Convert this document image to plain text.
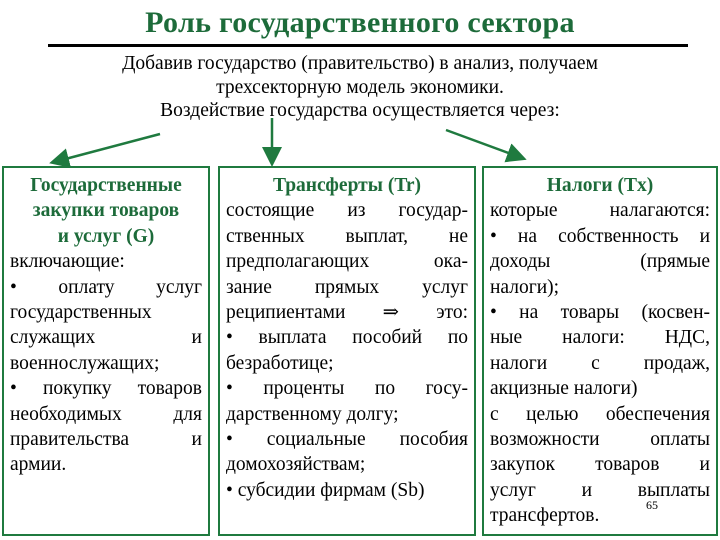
Роль государственного сектора
Добавив государство (правительство) в анализ, получаем
трехсекторную модель экономики.
Воздействие государства осуществляется через:
Государственные
закупки товаров
и услуг (G)
включающие:
• оплату услуг
государственных
служащих и
военнослужащих;
• покупку товаров
необходимых для
правительства и
армии.
Трансферты (Tr)
состоящие из государ-
ственных выплат, не
предполагающих ока-
зание прямых услуг
реципиентами ⇒ это:
• выплата пособий по
безработице;
• проценты по госу-
дарственному долгу;
• социальные пособия
домохозяйствам;
• субсидии фирмам (Sb)
Налоги (Tx)
которые налагаются:
• на собственность и
доходы (прямые
налоги);
• на товары (косвен-
ные налоги: НДС,
налоги с продаж,
акцизные налоги)
с целью обеспечения
возможности оплаты
закупок товаров и
услуг и выплаты
трансфертов.
65
